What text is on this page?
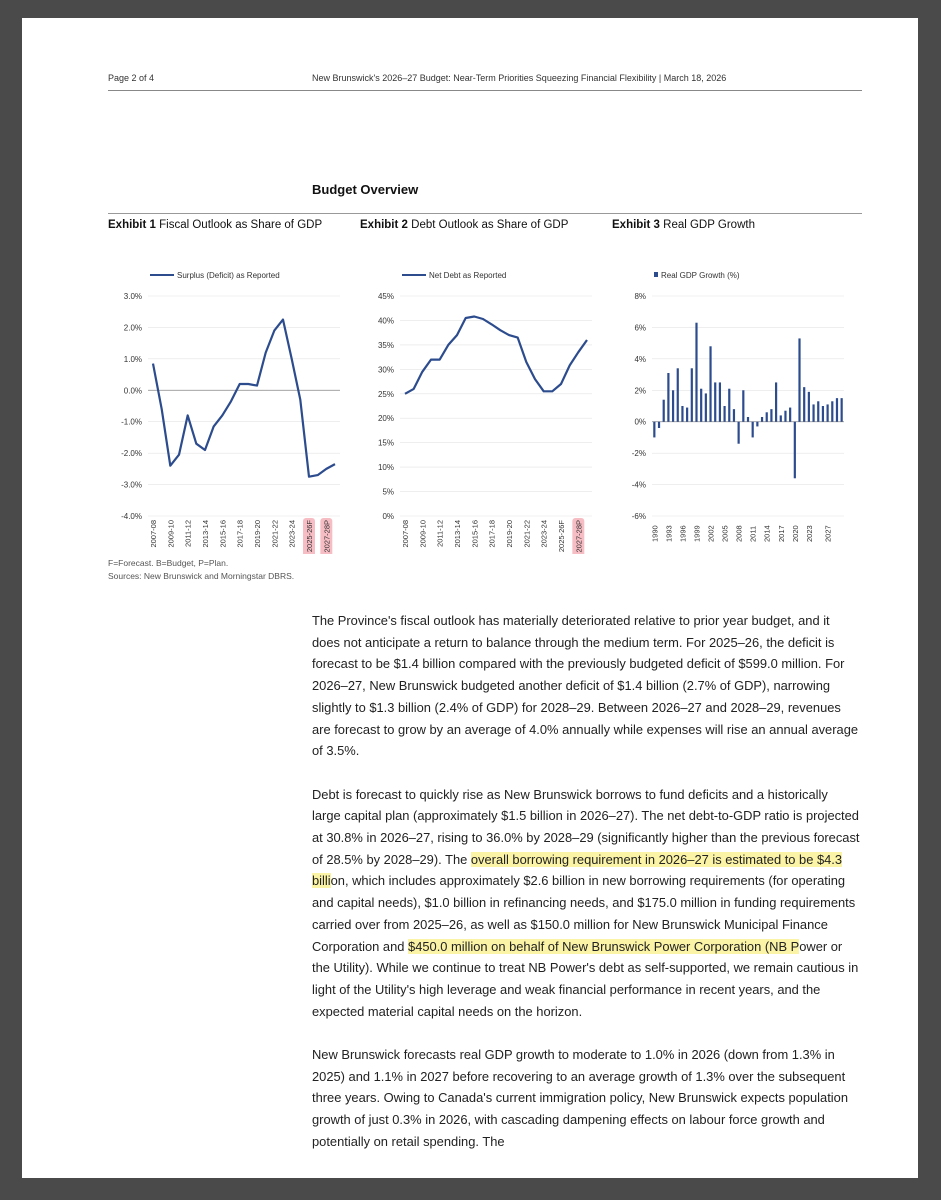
Page 2 of 4	New Brunswick's 2026–27 Budget: Near-Term Priorities Squeezing Financial Flexibility | March 18, 2026
Budget Overview
Exhibit 1 Fiscal Outlook as Share of GDP	Exhibit 2 Debt Outlook as Share of GDP	Exhibit 3 Real GDP Growth
Surplus (Deficit) as Reported
3.0%
2.0%
1.0%
0.0%
-1.0%
-2.0%
-3.0%
-4.0%
2007-08 2009-10 2011-12 2013-14 2015-16 2017-18 2019-20 2021-22 2023-24 2025-26F 2027-28P
Net Debt as Reported
45%
40%
35%
30%
25%
20%
15%
10%
5%
0%
2007-08 2009-10 2011-12 2013-14 2015-16 2017-18 2019-20 2021-22 2023-24 2025-26F 2027-28P
Real GDP Growth (%)
8%
6%
4%
2%
0%
-2%
-4%
-6%
1990 1993 1996 1999 2002 2005 2008 2011 2014 2017 2020 2023 2027
F=Forecast. B=Budget, P=Plan.
Sources: New Brunswick and Morningstar DBRS.

The Province's fiscal outlook has materially deteriorated relative to prior year budget, and it does not anticipate a return to balance through the medium term. For 2025–26, the deficit is forecast to be $1.4 billion compared with the previously budgeted deficit of $599.0 million. For 2026–27, New Brunswick budgeted another deficit of $1.4 billion (2.7% of GDP), narrowing slightly to $1.3 billion (2.4% of GDP) for 2028–29. Between 2026–27 and 2028–29, revenues are forecast to grow by an average of 4.0% annually while expenses will rise an annual average of 3.5%.

Debt is forecast to quickly rise as New Brunswick borrows to fund deficits and a historically large capital plan (approximately $1.5 billion in 2026–27). The net debt-to-GDP ratio is projected at 30.8% in 2026–27, rising to 36.0% by 2028–29 (significantly higher than the previous forecast of 28.5% by 2028–29). The overall borrowing requirement in 2026–27 is estimated to be $4.3 billion, which includes approximately $2.6 billion in new borrowing requirements (for operating and capital needs), $1.0 billion in refinancing needs, and $175.0 million in funding requirements carried over from 2025–26, as well as $150.0 million for New Brunswick Municipal Finance Corporation and $450.0 million on behalf of New Brunswick Power Corporation (NB Power or the Utility). While we continue to treat NB Power's debt as self-supported, we remain cautious in light of the Utility's high leverage and weak financial performance in recent years, and the expected material capital needs on the horizon.

New Brunswick forecasts real GDP growth to moderate to 1.0% in 2026 (down from 1.3% in 2025) and 1.1% in 2027 before recovering to an average growth of 1.3% over the subsequent three years. Owing to Canada's current immigration policy, New Brunswick expects population growth of just 0.3% in 2026, with cascading dampening effects on labour force growth and potentially on retail spending. The
